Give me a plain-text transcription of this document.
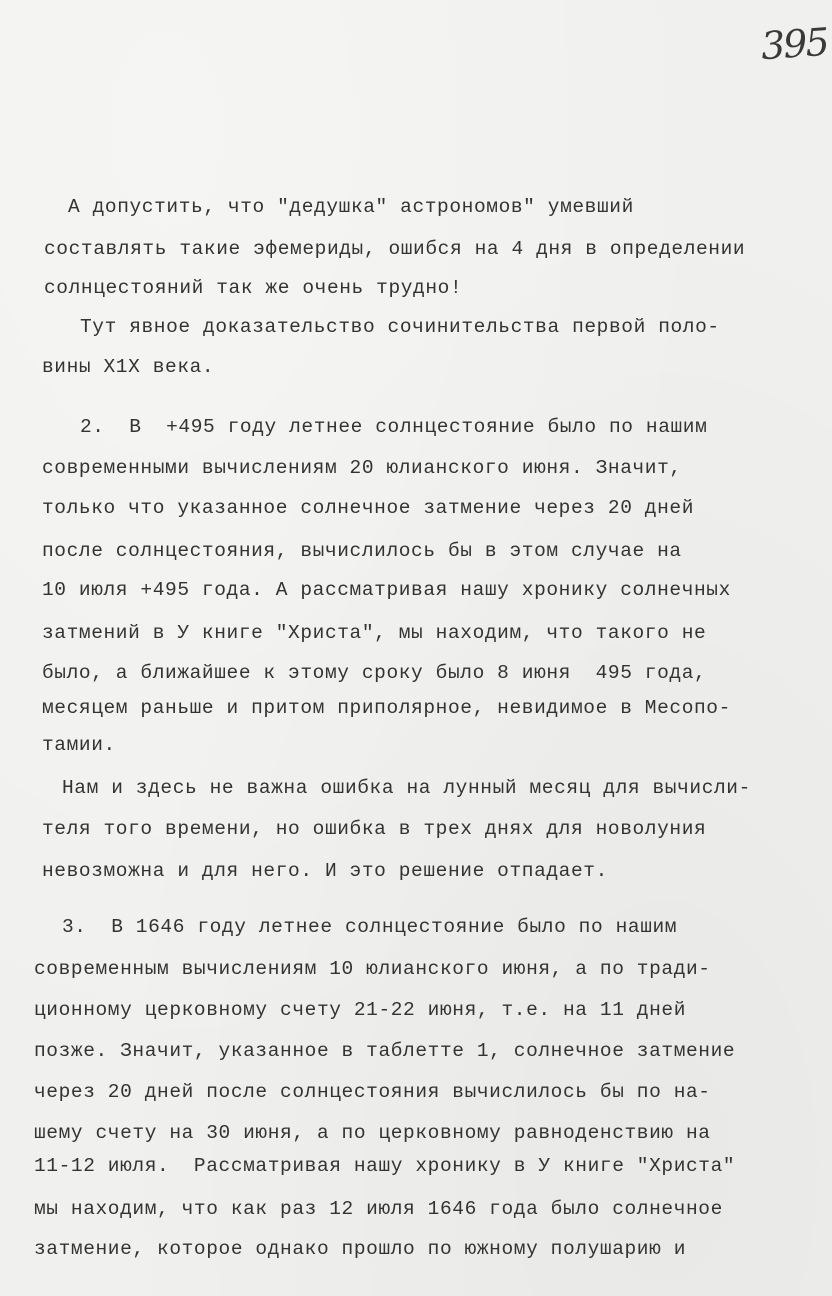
395
А допустить, что "дедушка" астрономов" умевший
составлять такие эфемериды, ошибся на 4 дня в определении
солнцестояний так же очень трудно!
Тут явное доказательство сочинительства первой поло-
вины Х1Х века.
2.  В  +495 году летнее солнцестояние было по нашим
современными вычислениям 20 юлианского июня. Значит,
только что указанное солнечное затмение через 20 дней
после солнцестояния, вычислилось бы в этом случае на
10 июля +495 года. А рассматривая нашу хронику солнечных
затмений в У книге "Христа", мы находим, что такого не
было, а ближайшее к этому сроку было 8 июня  495 года,
месяцем раньше и притом приполярное, невидимое в Месопо-
тамии.
Нам и здесь не важна ошибка на лунный месяц для вычисли-
теля того времени, но ошибка в трех днях для новолуния
невозможна и для него. И это решение отпадает.
3.  В 1646 году летнее солнцестояние было по нашим
современным вычислениям 10 юлианского июня, а по тради-
ционному церковному счету 21-22 июня, т.е. на 11 дней
позже. Значит, указанное в таблетте 1, солнечное затмение
через 20 дней после солнцестояния вычислилось бы по на-
шему счету на 30 июня, а по церковному равноденствию на
11-12 июля.  Рассматривая нашу хронику в У книге "Христа"
мы находим, что как раз 12 июля 1646 года было солнечное
затмение, которое однако прошло по южному полушарию и
